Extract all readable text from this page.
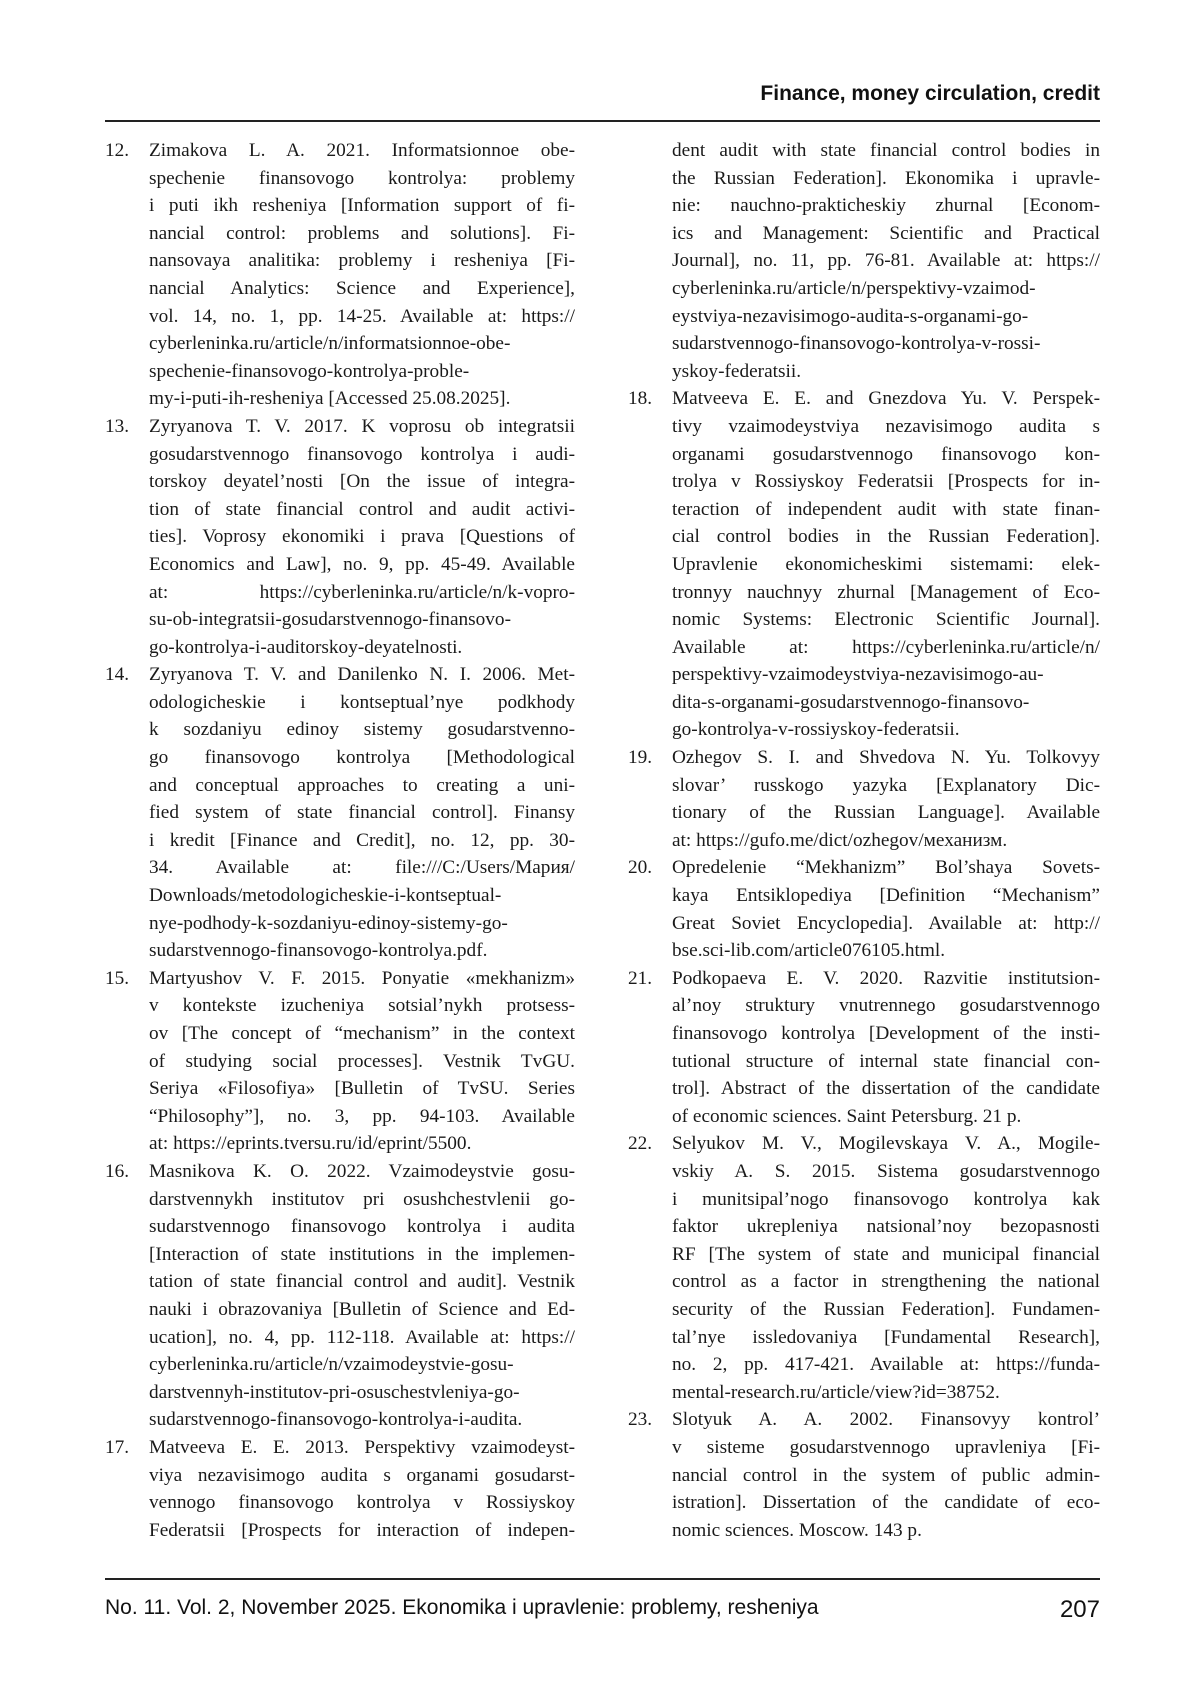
Finance, money circulation, credit
12. Zimakova L. A. 2021. Informatsionnoe obe-
spechenie finansovogo kontrolya: problemy
i puti ikh resheniya [Information support of fi-
nancial control: problems and solutions]. Fi-
nansovaya analitika: problemy i resheniya [Fi-
nancial Analytics: Science and Experience],
vol. 14, no. 1, pp. 14-25. Available at: https://
cyberleninka.ru/article/n/informatsionnoe-obe-
spechenie-finansovogo-kontrolya-proble-
my-i-puti-ih-resheniya [Accessed 25.08.2025].
13. Zyryanova T. V. 2017. K voprosu ob integratsii
gosudarstvennogo finansovogo kontrolya i audi-
torskoy deyatel’nosti [On the issue of integra-
tion of state financial control and audit activi-
ties]. Voprosy ekonomiki i prava [Questions of
Economics and Law], no. 9, pp. 45-49. Available
at: https://cyberleninka.ru/article/n/k-vopro-
su-ob-integratsii-gosudarstvennogo-finansovo-
go-kontrolya-i-auditorskoy-deyatelnosti.
14. Zyryanova T. V. and Danilenko N. I. 2006. Met-
odologicheskie i kontseptual’nye podkhody
k sozdaniyu edinoy sistemy gosudarstvenno-
go finansovogo kontrolya [Methodological
and conceptual approaches to creating a uni-
fied system of state financial control]. Finansy
i kredit [Finance and Credit], no. 12, pp. 30-
34. Available at: file:///C:/Users/Мария/
Downloads/metodologicheskie-i-kontseptual-
nye-podhody-k-sozdaniyu-edinoy-sistemy-go-
sudarstvennogo-finansovogo-kontrolya.pdf.
15. Martyushov V. F. 2015. Ponyatie «mekhanizm»
v kontekste izucheniya sotsial’nykh protsess-
ov [The concept of “mechanism” in the context
of studying social processes]. Vestnik TvGU.
Seriya «Filosofiya» [Bulletin of TvSU. Series
“Philosophy”], no. 3, pp. 94-103. Available
at: https://eprints.tversu.ru/id/eprint/5500.
16. Masnikova K. O. 2022. Vzaimodeystvie gosu-
darstvennykh institutov pri osushchestvlenii go-
sudarstvennogo finansovogo kontrolya i audita
[Interaction of state institutions in the implemen-
tation of state financial control and audit]. Vestnik
nauki i obrazovaniya [Bulletin of Science and Ed-
ucation], no. 4, pp. 112-118. Available at: https://
cyberleninka.ru/article/n/vzaimodeystvie-gosu-
darstvennyh-institutov-pri-osuschestvleniya-go-
sudarstvennogo-finansovogo-kontrolya-i-audita.
17. Matveeva E. E. 2013. Perspektivy vzaimodeyst-
viya nezavisimogo audita s organami gosudarst-
vennogo finansovogo kontrolya v Rossiyskoy
Federatsii [Prospects for interaction of indepen-
dent audit with state financial control bodies in
the Russian Federation]. Ekonomika i upravle-
nie: nauchno-prakticheskiy zhurnal [Econom-
ics and Management: Scientific and Practical
Journal], no. 11, pp. 76-81. Available at: https://
cyberleninka.ru/article/n/perspektivy-vzaimod-
eystviya-nezavisimogo-audita-s-organami-go-
sudarstvennogo-finansovogo-kontrolya-v-rossi-
yskoy-federatsii.
18. Matveeva E. E. and Gnezdova Yu. V. Perspek-
tivy vzaimodeystviya nezavisimogo audita s
organami gosudarstvennogo finansovogo kon-
trolya v Rossiyskoy Federatsii [Prospects for in-
teraction of independent audit with state finan-
cial control bodies in the Russian Federation].
Upravlenie ekonomicheskimi sistemami: elek-
tronnyy nauchnyy zhurnal [Management of Eco-
nomic Systems: Electronic Scientific Journal].
Available at: https://cyberleninka.ru/article/n/
perspektivy-vzaimodeystviya-nezavisimogo-au-
dita-s-organami-gosudarstvennogo-finansovo-
go-kontrolya-v-rossiyskoy-federatsii.
19. Ozhegov S. I. and Shvedova N. Yu. Tolkovyy
slovar’ russkogo yazyka [Explanatory Dic-
tionary of the Russian Language]. Available
at: https://gufo.me/dict/ozhegov/механизм.
20. Opredelenie “Mekhanizm” Bol’shaya Sovets-
kaya Entsiklopediya [Definition “Mechanism”
Great Soviet Encyclopedia]. Available at: http://
bse.sci-lib.com/article076105.html.
21. Podkopaeva E. V. 2020. Razvitie institutsion-
al’noy struktury vnutrennego gosudarstvennogo
finansovogo kontrolya [Development of the insti-
tutional structure of internal state financial con-
trol]. Abstract of the dissertation of the candidate
of economic sciences. Saint Petersburg. 21 p.
22. Selyukov M. V., Mogilevskaya V. A., Mogile-
vskiy A. S. 2015. Sistema gosudarstvennogo
i munitsipal’nogo finansovogo kontrolya kak
faktor ukrepleniya natsional’noy bezopasnosti
RF [The system of state and municipal financial
control as a factor in strengthening the national
security of the Russian Federation]. Fundamen-
tal’nye issledovaniya [Fundamental Research],
no. 2, pp. 417-421. Available at: https://funda-
mental-research.ru/article/view?id=38752.
23. Slotyuk A. A. 2002. Finansovyy kontrol’
v sisteme gosudarstvennogo upravleniya [Fi-
nancial control in the system of public admin-
istration]. Dissertation of the candidate of eco-
nomic sciences. Moscow. 143 p.
No. 11. Vol. 2, November 2025. Ekonomika i upravlenie: problemy, resheniya	207
